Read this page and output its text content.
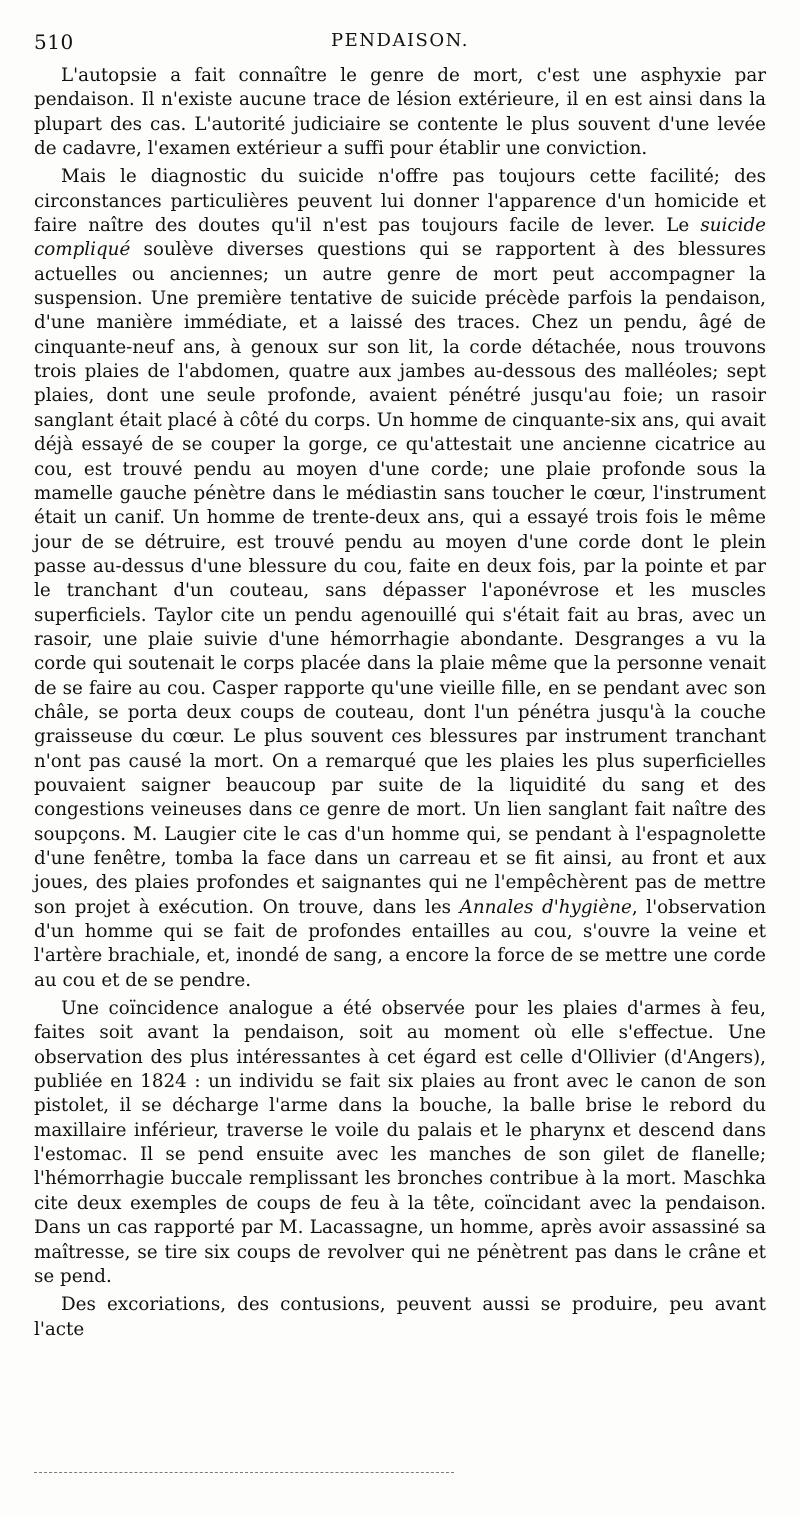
510	PENDAISON.

L'autopsie a fait connaître le genre de mort, c'est une asphyxie par pendaison. Il n'existe aucune trace de lésion extérieure, il en est ainsi dans la plupart des cas. L'autorité judiciaire se contente le plus souvent d'une levée de cadavre, l'examen extérieur a suffi pour établir une conviction.

Mais le diagnostic du suicide n'offre pas toujours cette facilité; des circonstances particulières peuvent lui donner l'apparence d'un homicide et faire naître des doutes qu'il n'est pas toujours facile de lever. Le suicide compliqué soulève diverses questions qui se rapportent à des blessures actuelles ou anciennes; un autre genre de mort peut accompagner la suspension. Une première tentative de suicide précède parfois la pendaison, d'une manière immédiate, et a laissé des traces. Chez un pendu, âgé de cinquante-neuf ans, à genoux sur son lit, la corde détachée, nous trouvons trois plaies de l'abdomen, quatre aux jambes au-dessous des malléoles; sept plaies, dont une seule profonde, avaient pénétré jusqu'au foie; un rasoir sanglant était placé à côté du corps. Un homme de cinquante-six ans, qui avait déjà essayé de se couper la gorge, ce qu'attestait une ancienne cicatrice au cou, est trouvé pendu au moyen d'une corde; une plaie profonde sous la mamelle gauche pénètre dans le médiastin sans toucher le cœur, l'instrument était un canif. Un homme de trente-deux ans, qui a essayé trois fois le même jour de se détruire, est trouvé pendu au moyen d'une corde dont le plein passe au-dessus d'une blessure du cou, faite en deux fois, par la pointe et par le tranchant d'un couteau, sans dépasser l'aponévrose et les muscles superficiels. Taylor cite un pendu agenouillé qui s'était fait au bras, avec un rasoir, une plaie suivie d'une hémorrhagie abondante. Desgranges a vu la corde qui soutenait le corps placée dans la plaie même que la personne venait de se faire au cou. Casper rapporte qu'une vieille fille, en se pendant avec son châle, se porta deux coups de couteau, dont l'un pénétra jusqu'à la couche graisseuse du cœur. Le plus souvent ces blessures par instrument tranchant n'ont pas causé la mort. On a remarqué que les plaies les plus superficielles pouvaient saigner beaucoup par suite de la liquidité du sang et des congestions veineuses dans ce genre de mort. Un lien sanglant fait naître des soupçons. M. Laugier cite le cas d'un homme qui, se pendant à l'espagnolette d'une fenêtre, tomba la face dans un carreau et se fit ainsi, au front et aux joues, des plaies profondes et saignantes qui ne l'empêchèrent pas de mettre son projet à exécution. On trouve, dans les Annales d'hygiène, l'observation d'un homme qui se fait de profondes entailles au cou, s'ouvre la veine et l'artère brachiale, et, inondé de sang, a encore la force de se mettre une corde au cou et de se pendre.

Une coïncidence analogue a été observée pour les plaies d'armes à feu, faites soit avant la pendaison, soit au moment où elle s'effectue. Une observation des plus intéressantes à cet égard est celle d'Ollivier (d'Angers), publiée en 1824 : un individu se fait six plaies au front avec le canon de son pistolet, il se décharge l'arme dans la bouche, la balle brise le rebord du maxillaire inférieur, traverse le voile du palais et le pharynx et descend dans l'estomac. Il se pend ensuite avec les manches de son gilet de flanelle; l'hémorrhagie buccale remplissant les bronches contribue à la mort. Maschka cite deux exemples de coups de feu à la tête, coïncidant avec la pendaison. Dans un cas rapporté par M. Lacassagne, un homme, après avoir assassiné sa maîtresse, se tire six coups de revolver qui ne pénètrent pas dans le crâne et se pend.

Des excoriations, des contusions, peuvent aussi se produire, peu avant l'acte
